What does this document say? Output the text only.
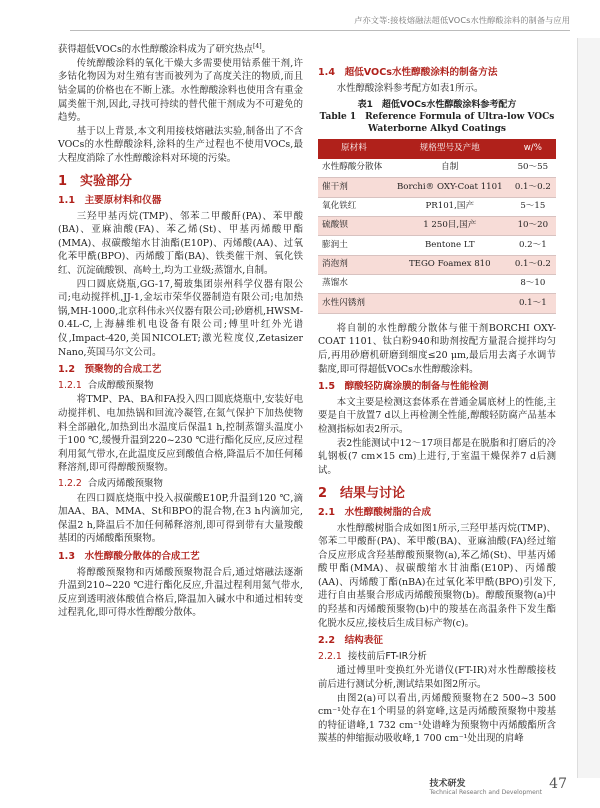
卢亦文等:接枝熔融法超低VOCs水性醇酸涂料的制备与应用

获得超低VOCs的水性醇酸涂料成为了研究热点[4]。

传统醇酸涂料的氧化干燥大多需要使用钴系催干剂,许多钴化物因为对生殖有害而被列为了高度关注的物质,而且钴金属的价格也在不断上涨。水性醇酸涂料也使用含有重金属类催干剂,因此,寻找可持续的替代催干剂成为不可避免的趋势。

基于以上背景,本文利用接枝熔融法实验,制备出了不含VOCs的水性醇酸涂料,涂料的生产过程也不使用VOCs,最大程度消除了水性醇酸涂料对环境的污染。

1　实验部分
1.1　主要原材料和仪器

三羟甲基丙烷(TMP)、邻苯二甲酸酐(PA)、苯甲酸(BA)、亚麻油酸(FA)、苯乙烯(St)、甲基丙烯酸甲酯(MMA)、叔碳酸缩水甘油酯(E10P)、丙烯酸(AA)、过氧化苯甲酰(BPO)、丙烯酸丁酯(BA)、铁类催干剂、氧化铁红、沉淀硫酸钡、高岭土,均为工业级;蒸馏水,自制。

四口圆底烧瓶,GG-17,蜀玻集团崇州科学仪器有限公司;电动搅拌机,JJ-1,金坛市荣华仪器制造有限公司;电加热锅,MH-1000,北京科伟永兴仪器有限公司;砂磨机,HWSM-0.4L-C,上海赫维机电设备有限公司;傅里叶红外光谱仪,Impact-420,美国NICOLET;激光粒度仪,Zetasizer Nano,英国马尔文公司。

1.2　预聚物的合成工艺
1.2.1 合成醇酸预聚物

将TMP、PA、BA和FA投入四口圆底烧瓶中,安装好电动搅拌机、电加热锅和回流冷凝管,在氮气保护下加热使物料全部融化,加热到出水温度后保温1 h,控制蒸馏头温度小于100 ℃,缓慢升温到220~230 ℃进行酯化反应,反应过程利用氮气带水,在此温度反应到酸值合格,降温后不加任何稀释溶剂,即可得醇酸预聚物。

1.2.2 合成丙烯酸预聚物

在四口圆底烧瓶中投入叔碳酸E10P,升温到120 ℃,滴加AA、BA、MMA、St和BPO的混合物,在3 h内滴加完,保温2 h,降温后不加任何稀释溶剂,即可得到带有大量羧酸基团的丙烯酸酯预聚物。

1.3　水性醇酸分散体的合成工艺

将醇酸预聚物和丙烯酸预聚物混合后,通过熔融法逐渐升温到210~220 ℃进行酯化反应,升温过程利用氮气带水,反应到透明液体酸值合格后,降温加入碱水中和通过相转变过程乳化,即可得水性醇酸分散体。

1.4　超低VOCs水性醇酸涂料的制备方法

水性醇酸涂料参考配方如表1所示。

表1　超低VOCs水性醇酸涂料参考配方
Table 1　Reference Formula of Ultra-low VOCs
Waterborne Alkyd Coatings
原材料	规格型号及产地	w/%
水性醇酸分散体	自制	50～55
催干剂	Borchi® OXY-Coat 1101	0.1～0.2
氧化铁红	PR101,国产	5～15
硫酸钡	1 250目,国产	10～20
膨润土	Bentone LT	0.2～1
消泡剂	TEGO Foamex 810	0.1～0.2
蒸馏水		8～10
水性闪锈剂		0.1～1

将自制的水性醇酸分散体与催干剂BORCHI OXY-COAT 1101、钛白粉940和助剂按配方量混合搅拌均匀后,再用砂磨机研磨到细度≤20 μm,最后用去离子水调节黏度,即可得超低VOCs水性醇酸涂料。

1.5　醇酸轻防腐涂膜的制备与性能检测

本文主要是检测这套体系在普通金属底材上的性能,主要是自干放置7 d以上再检测全性能,醇酸轻防腐产品基本检测指标如表2所示。

表2性能测试中12～17项目都是在脱脂和打磨后的冷轧钢板(7 cm×15 cm)上进行,于室温干燥保养7 d后测试。

2　结果与讨论
2.1　水性醇酸树脂的合成

水性醇酸树脂合成如图1所示,三羟甲基丙烷(TMP)、邻苯二甲酸酐(PA)、苯甲酸(BA)、亚麻油酸(FA)经过缩合反应形成含羟基醇酸预聚物(a),苯乙烯(St)、甲基丙烯酸甲酯(MMA)、叔碳酸缩水甘油酯(E10P)、丙烯酸(AA)、丙烯酸丁酯(nBA)在过氧化苯甲酰(BPO)引发下,进行自由基聚合形成丙烯酸预聚物(b)。醇酸预聚物(a)中的羟基和丙烯酸预聚物(b)中的羧基在高温条件下发生酯化脱水反应,接枝后生成目标产物(c)。

2.2　结构表征
2.2.1 接枝前后FT-IR分析

通过傅里叶变换红外光谱仪(FT-IR)对水性醇酸接枝前后进行测试分析,测试结果如图2所示。

由图2(a)可以看出,丙烯酸预聚物在2 500~3 500 cm⁻¹处存在1个明显的斜宽峰,这是丙烯酸预聚物中羧基的特征谱峰,1 732 cm⁻¹处谱峰为预聚物中丙烯酸酯所含羰基的伸缩振动吸收峰,1 700 cm⁻¹处出现的肩峰

技术研发
Technical Research and Development
47
